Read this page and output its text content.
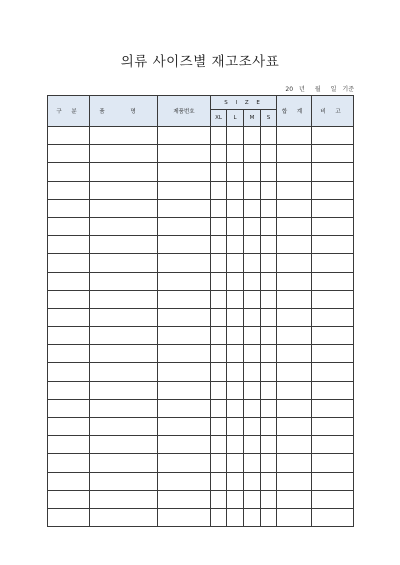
의류 사이즈별 재고조사표
20 년 월 일 기준
구 분	품 명	제품번호	S I Z E				합 계	비 고
			XL	L	M	S		
